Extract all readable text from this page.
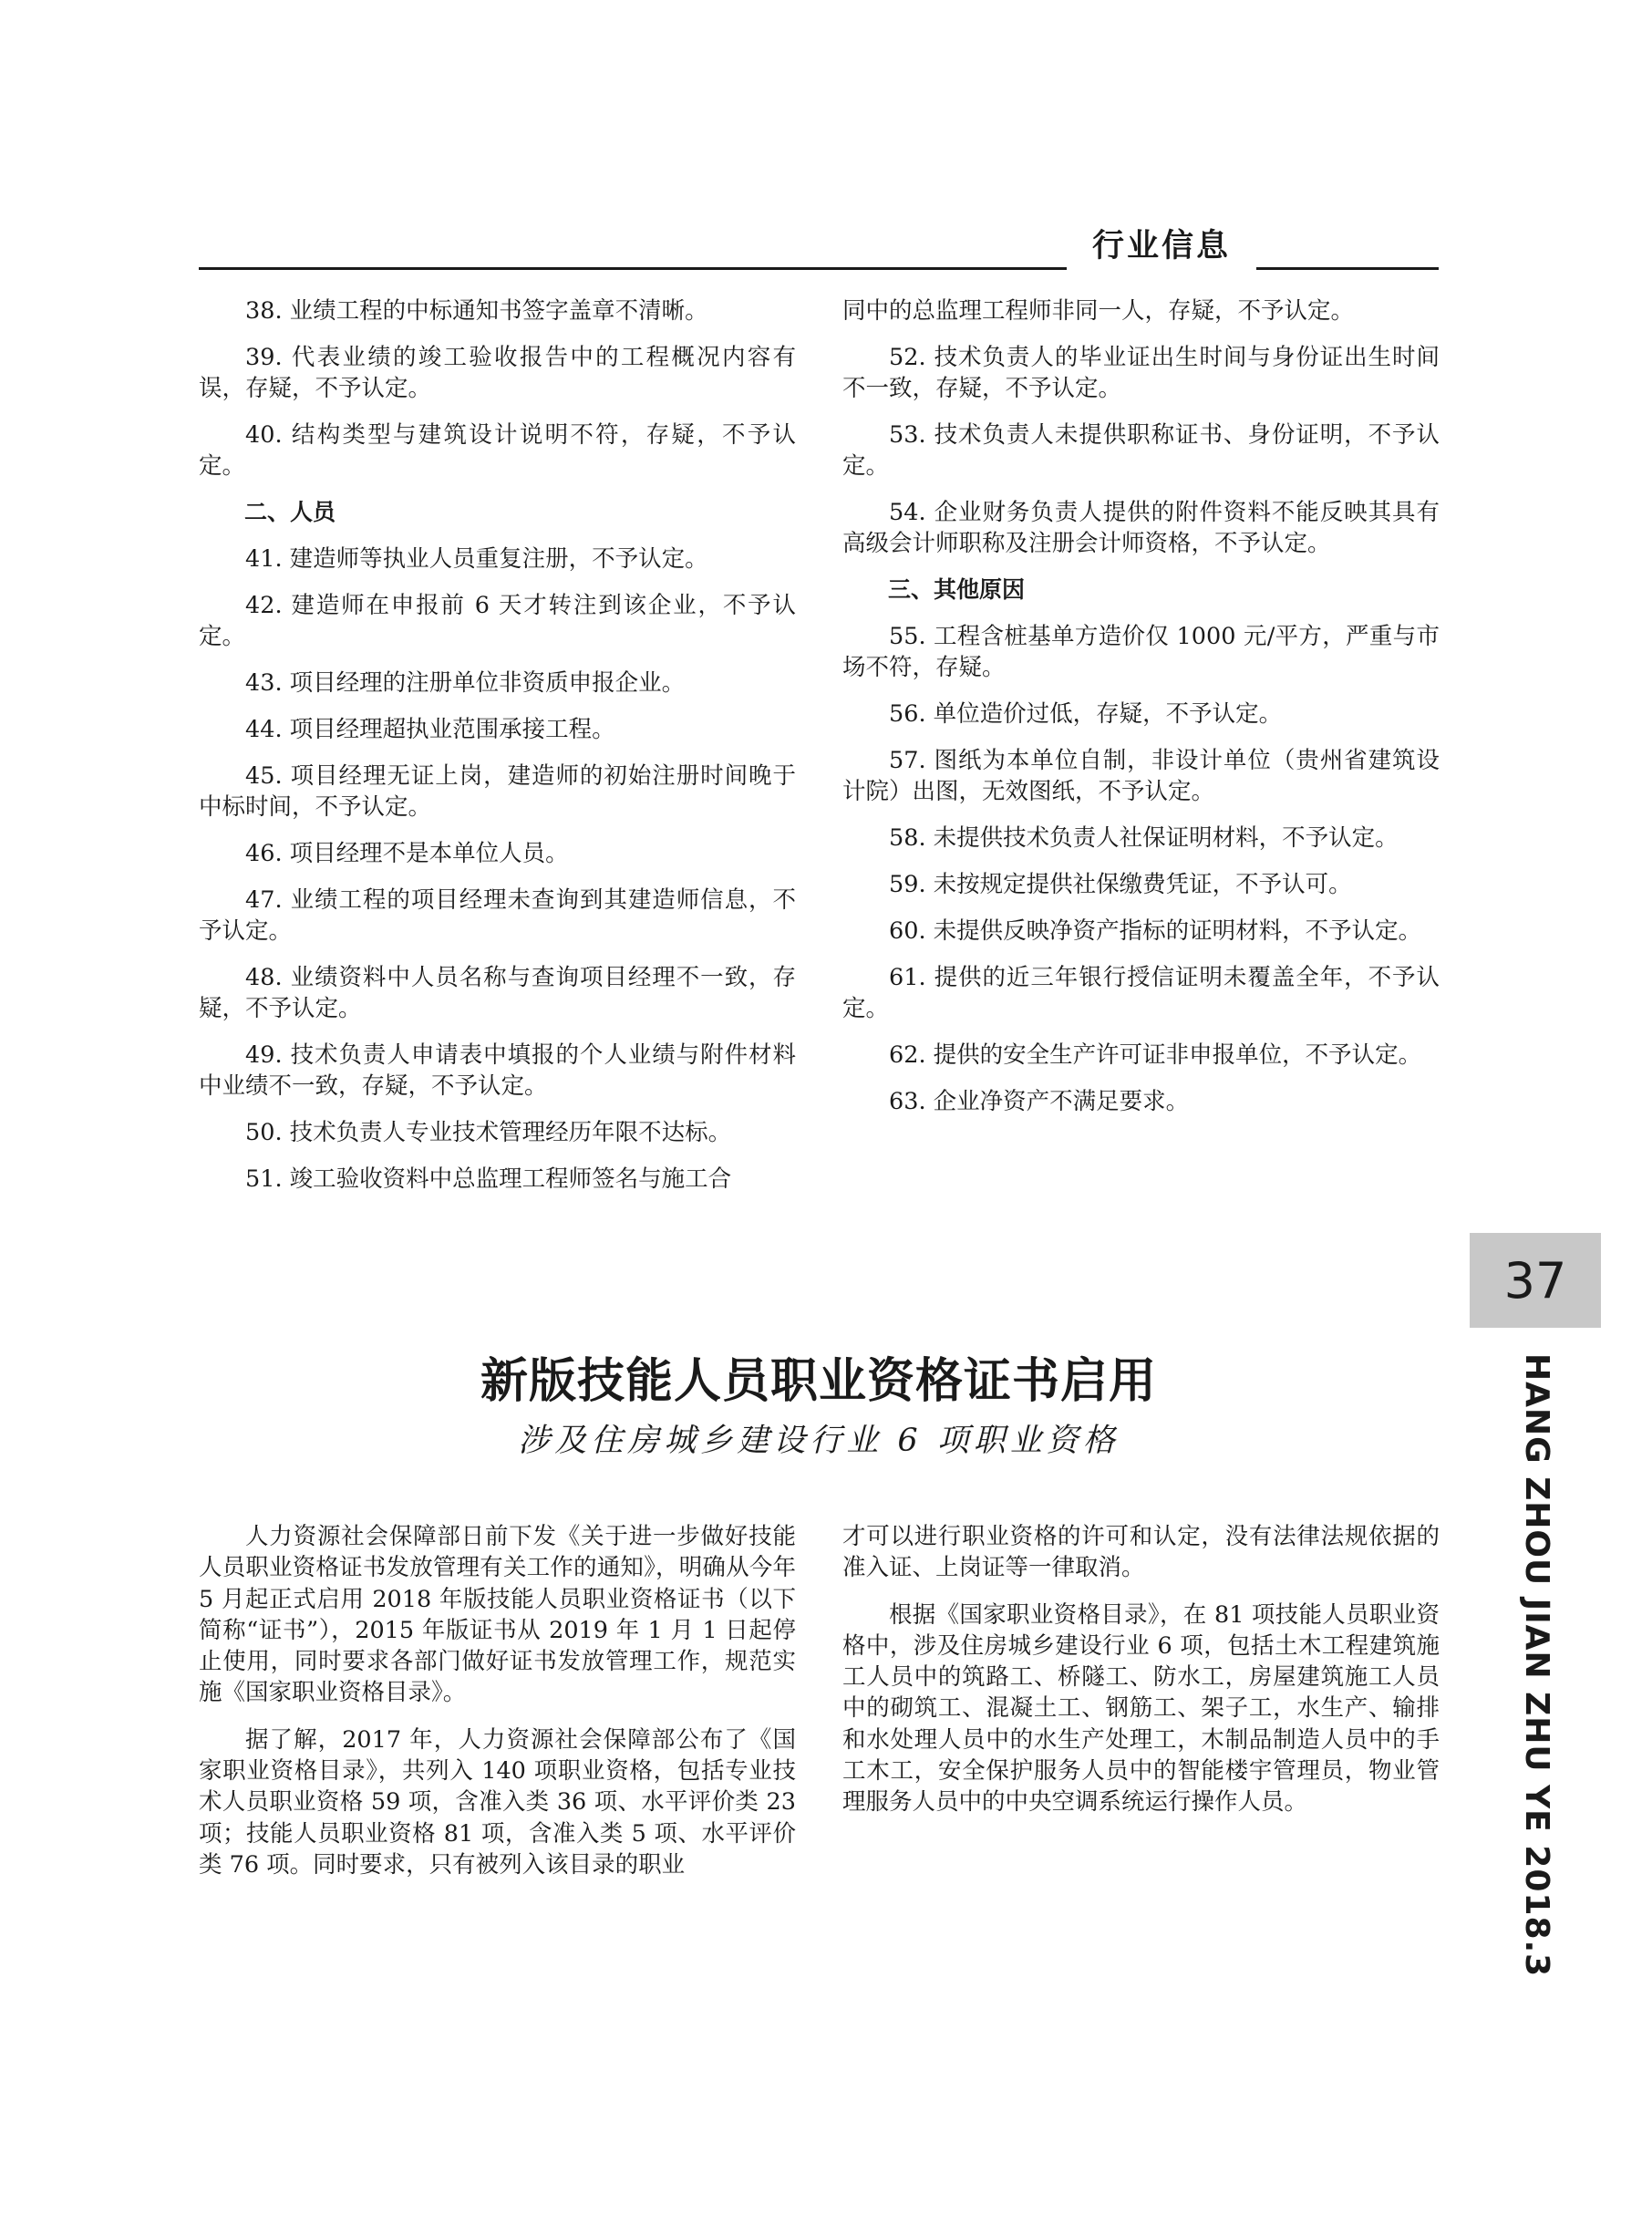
行业信息
38. 业绩工程的中标通知书签字盖章不清晰。
39. 代表业绩的竣工验收报告中的工程概况内容有误，存疑，不予认定。
40. 结构类型与建筑设计说明不符，存疑，不予认定。
二、人员
41. 建造师等执业人员重复注册，不予认定。
42. 建造师在申报前 6 天才转注到该企业，不予认定。
43. 项目经理的注册单位非资质申报企业。
44. 项目经理超执业范围承接工程。
45. 项目经理无证上岗，建造师的初始注册时间晚于中标时间，不予认定。
46. 项目经理不是本单位人员。
47. 业绩工程的项目经理未查询到其建造师信息，不予认定。
48. 业绩资料中人员名称与查询项目经理不一致，存疑，不予认定。
49. 技术负责人申请表中填报的个人业绩与附件材料中业绩不一致，存疑，不予认定。
50. 技术负责人专业技术管理经历年限不达标。
51. 竣工验收资料中总监理工程师签名与施工合
同中的总监理工程师非同一人，存疑，不予认定。
52. 技术负责人的毕业证出生时间与身份证出生时间不一致，存疑，不予认定。
53. 技术负责人未提供职称证书、身份证明，不予认定。
54. 企业财务负责人提供的附件资料不能反映其具有高级会计师职称及注册会计师资格，不予认定。
三、其他原因
55. 工程含桩基单方造价仅 1000 元/平方，严重与市场不符，存疑。
56. 单位造价过低，存疑，不予认定。
57. 图纸为本单位自制，非设计单位（贵州省建筑设计院）出图，无效图纸，不予认定。
58. 未提供技术负责人社保证明材料，不予认定。
59. 未按规定提供社保缴费凭证，不予认可。
60. 未提供反映净资产指标的证明材料，不予认定。
61. 提供的近三年银行授信证明未覆盖全年，不予认定。
62. 提供的安全生产许可证非申报单位，不予认定。
63. 企业净资产不满足要求。
新版技能人员职业资格证书启用
涉及住房城乡建设行业 6 项职业资格
人力资源社会保障部日前下发《关于进一步做好技能人员职业资格证书发放管理有关工作的通知》，明确从今年 5 月起正式启用 2018 年版技能人员职业资格证书（以下简称“证书”），2015 年版证书从 2019 年 1 月 1 日起停止使用，同时要求各部门做好证书发放管理工作，规范实施《国家职业资格目录》。
据了解，2017 年，人力资源社会保障部公布了《国家职业资格目录》，共列入 140 项职业资格，包括专业技术人员职业资格 59 项，含准入类 36 项、水平评价类 23 项；技能人员职业资格 81 项，含准入类 5 项、水平评价类 76 项。同时要求，只有被列入该目录的职业
才可以进行职业资格的许可和认定，没有法律法规依据的准入证、上岗证等一律取消。
根据《国家职业资格目录》，在 81 项技能人员职业资格中，涉及住房城乡建设行业 6 项，包括土木工程建筑施工人员中的筑路工、桥隧工、防水工，房屋建筑施工人员中的砌筑工、混凝土工、钢筋工、架子工，水生产、输排和水处理人员中的水生产处理工，木制品制造人员中的手工木工，安全保护服务人员中的智能楼宇管理员，物业管理服务人员中的中央空调系统运行操作人员。
37
HANG ZHOU JIAN ZHU YE 2018.3
